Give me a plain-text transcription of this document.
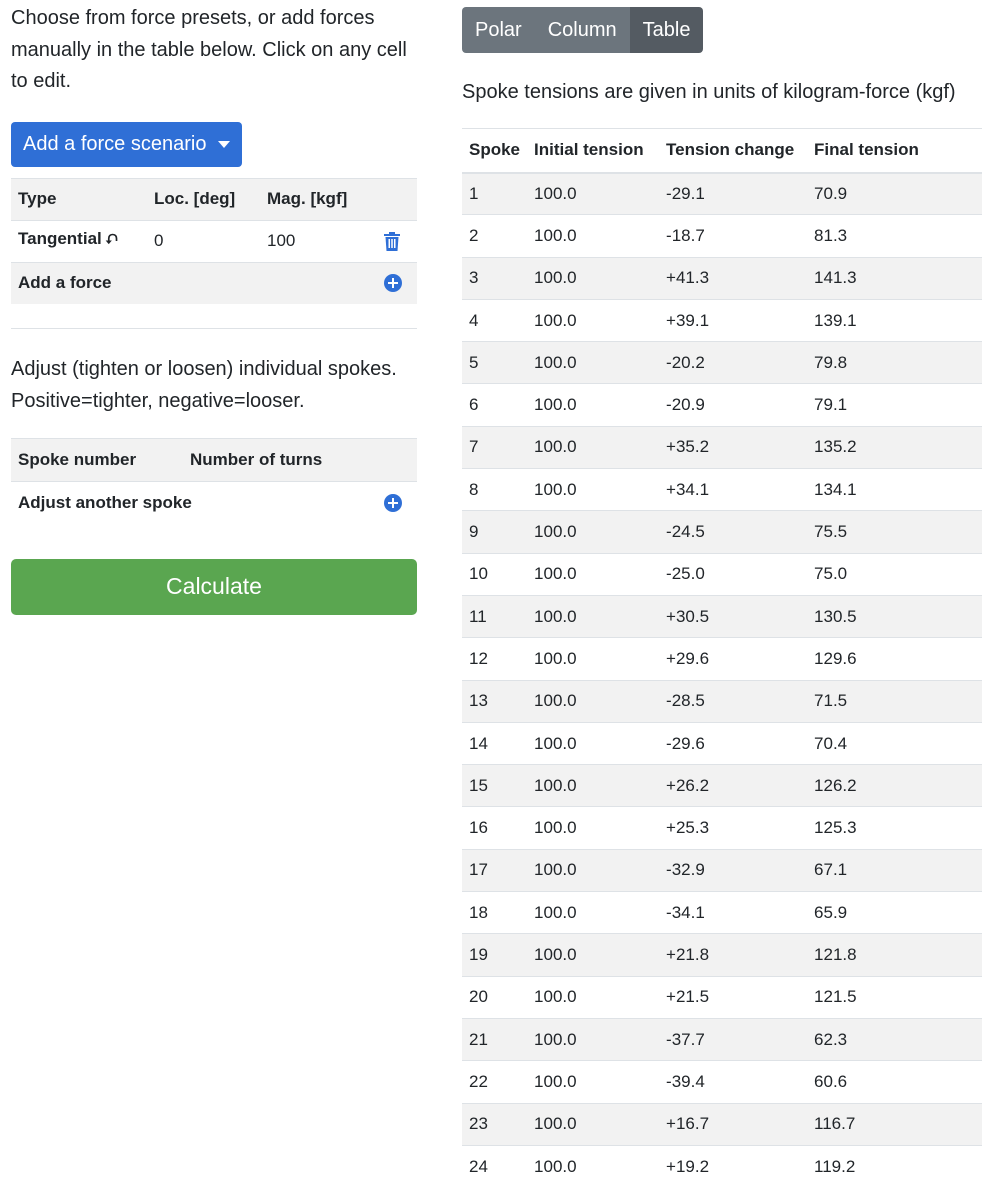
Choose from force presets, or add forces manually in the table below. Click on any cell to edit.

Add a force scenario
Type	Loc. [deg]	Mag. [kgf]	
Tangential ⮏	0	100	

Add a force	

Adjust (tighten or loosen) individual spokes. Positive=tighter, negative=looser.

Spoke number	Number of turns	
Adjust another spoke	
Calculate
Polar	Column	Table

Spoke tensions are given in units of kilogram-force (kgf)

Spoke	Initial tension	Tension change	Final tension
1	100.0	-29.1	70.9
2	100.0	-18.7	81.3
3	100.0	+41.3	141.3
4	100.0	+39.1	139.1
5	100.0	-20.2	79.8
6	100.0	-20.9	79.1
7	100.0	+35.2	135.2
8	100.0	+34.1	134.1
9	100.0	-24.5	75.5
10	100.0	-25.0	75.0
11	100.0	+30.5	130.5
12	100.0	+29.6	129.6
13	100.0	-28.5	71.5
14	100.0	-29.6	70.4
15	100.0	+26.2	126.2
16	100.0	+25.3	125.3
17	100.0	-32.9	67.1
18	100.0	-34.1	65.9
19	100.0	+21.8	121.8
20	100.0	+21.5	121.5
21	100.0	-37.7	62.3
22	100.0	-39.4	60.6
23	100.0	+16.7	116.7
24	100.0	+19.2	119.2
